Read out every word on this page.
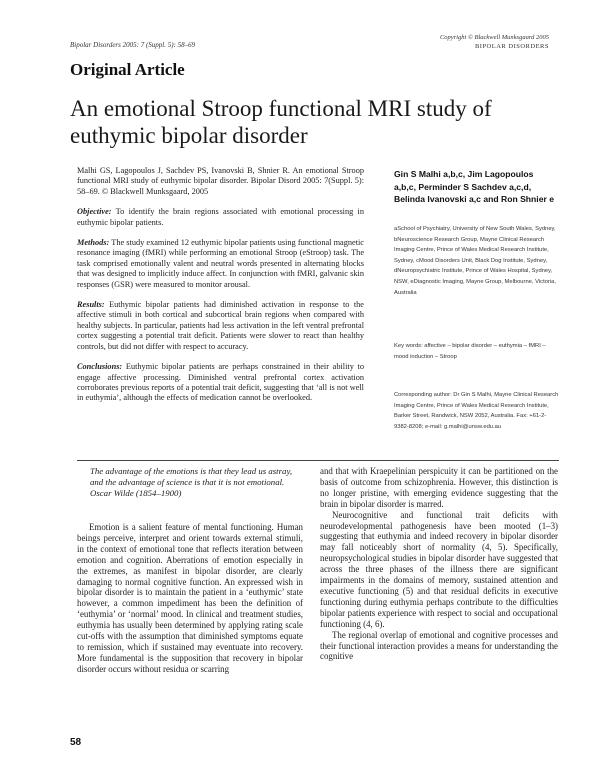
Bipolar Disorders 2005: 7 (Suppl. 5): 58–69
Copyright © Blackwell Munksgaard 2005
BIPOLAR DISORDERS
Original Article
An emotional Stroop functional MRI study of euthymic bipolar disorder

Malhi GS, Lagopoulos J, Sachdev PS, Ivanovski B, Shnier R. An emotional Stroop functional MRI study of euthymic bipolar disorder. Bipolar Disord 2005: 7(Suppl. 5): 58–69. © Blackwell Munksgaard, 2005

Objective: To identify the brain regions associated with emotional processing in euthymic bipolar patients.

Methods: The study examined 12 euthymic bipolar patients using functional magnetic resonance imaging (fMRI) while performing an emotional Stroop (eStroop) task. The task comprised emotionally valent and neutral words presented in alternating blocks that was designed to implicitly induce affect. In conjunction with fMRI, galvanic skin responses (GSR) were measured to monitor arousal.

Results: Euthymic bipolar patients had diminished activation in response to the affective stimuli in both cortical and subcortical brain regions when compared with healthy subjects. In particular, patients had less activation in the left ventral prefrontal cortex suggesting a potential trait deficit. Patients were slower to react than healthy controls, but did not differ with respect to accuracy.

Conclusions: Euthymic bipolar patients are perhaps constrained in their ability to engage affective processing. Diminished ventral prefrontal cortex activation corroborates previous reports of a potential trait deficit, suggesting that ‘all is not well in euthymia’, although the effects of medication cannot be overlooked.

Gin S Malhi a,b,c, Jim Lagopoulos a,b,c, Perminder S Sachdev a,c,d, Belinda Ivanovski a,c and Ron Shnier e
aSchool of Psychiatry, University of New South Wales, Sydney, bNeuroscience Research Group, Mayne Clinical Research Imaging Centre, Prince of Wales Medical Research Institute, Sydney, cMood Disorders Unit, Black Dog Institute, Sydney, dNeuropsychiatric Institute, Prince of Wales Hospital, Sydney, NSW, eDiagnostic Imaging, Mayne Group, Melbourne, Victoria, Australia
Key words: affective – bipolar disorder – euthymia – fMRI – mood induction – Stroop
Corresponding author: Dr Gin S Malhi, Mayne Clinical Research Imaging Centre, Prince of Wales Medical Research Institute, Barker Street, Randwick, NSW 2052, Australia. Fax: +61-2-9382-8208; e-mail: g.malhi@unsw.edu.au

The advantage of the emotions is that they lead us astray, and the advantage of science is that it is not emotional.

Oscar Wilde (1854–1900)

Emotion is a salient feature of mental functioning. Human beings perceive, interpret and orient towards external stimuli, in the context of emotional tone that reflects iteration between emotion and cognition. Aberrations of emotion especially in the extremes, as manifest in bipolar disorder, are clearly damaging to normal cognitive function. An expressed wish in bipolar disorder is to maintain the patient in a ‘euthymic’ state however, a common impediment has been the definition of ‘euthymia’ or ‘normal’ mood. In clinical and treatment studies, euthymia has usually been determined by applying rating scale cut-offs with the assumption that diminished symptoms equate to remission, which if sustained may eventuate into recovery. More fundamental is the supposition that recovery in bipolar disorder occurs without residua or scarring

and that with Kraepelinian perspicuity it can be partitioned on the basis of outcome from schizophrenia. However, this distinction is no longer pristine, with emerging evidence suggesting that the brain in bipolar disorder is marred.

Neurocognitive and functional trait deficits with neurodevelopmental pathogenesis have been mooted (1–3) suggesting that euthymia and indeed recovery in bipolar disorder may fall noticeably short of normality (4, 5). Specifically, neuropsychological studies in bipolar disorder have suggested that across the three phases of the illness there are significant impairments in the domains of memory, sustained attention and executive functioning (5) and that residual deficits in executive functioning during euthymia perhaps contribute to the difficulties bipolar patients experience with respect to social and occupational functioning (4, 6).

The regional overlap of emotional and cognitive processes and their functional interaction provides a means for understanding the cognitive

58
